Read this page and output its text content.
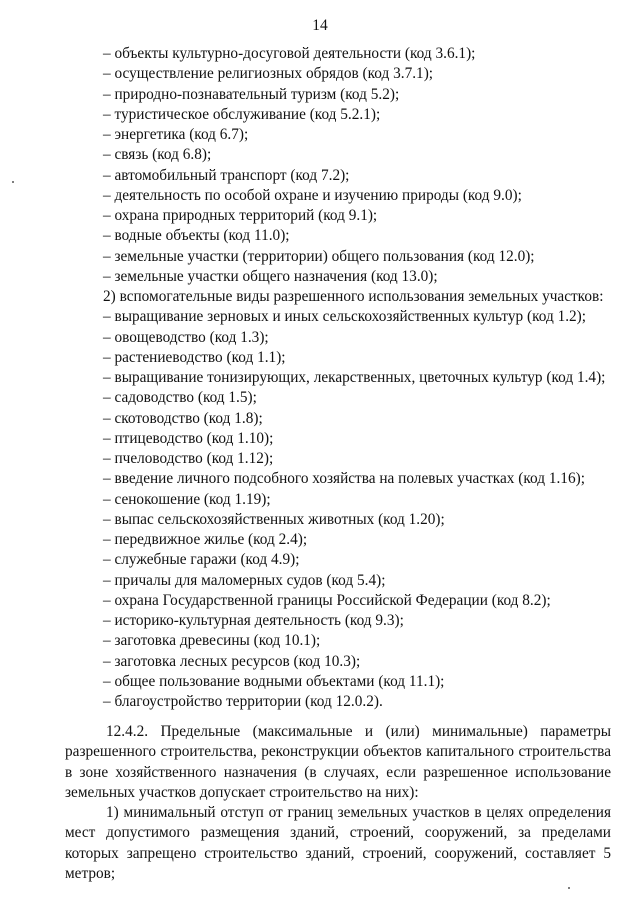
14
– объекты культурно-досуговой деятельности (код 3.6.1);
– осуществление религиозных обрядов (код 3.7.1);
– природно-познавательный туризм (код 5.2);
– туристическое обслуживание (код 5.2.1);
– энергетика (код 6.7);
– связь (код 6.8);
– автомобильный транспорт (код 7.2);
– деятельность по особой охране и изучению природы (код 9.0);
– охрана природных территорий (код 9.1);
– водные объекты (код 11.0);
– земельные участки (территории) общего пользования (код 12.0);
– земельные участки общего назначения (код 13.0);
2) вспомогательные виды разрешенного использования земельных участков:
– выращивание зерновых и иных сельскохозяйственных культур (код 1.2);
– овощеводство (код 1.3);
– растениеводство (код 1.1);
– выращивание тонизирующих, лекарственных, цветочных культур (код 1.4);
– садоводство (код 1.5);
– скотоводство (код 1.8);
– птицеводство (код 1.10);
– пчеловодство (код 1.12);
– введение личного подсобного хозяйства на полевых участках (код 1.16);
– сенокошение (код 1.19);
– выпас сельскохозяйственных животных (код 1.20);
– передвижное жилье (код 2.4);
– служебные гаражи (код 4.9);
– причалы для маломерных судов (код 5.4);
– охрана Государственной границы Российской Федерации (код 8.2);
– историко-культурная деятельность (код 9.3);
– заготовка древесины (код 10.1);
– заготовка лесных ресурсов (код 10.3);
– общее пользование водными объектами (код 11.1);
– благоустройство территории (код 12.0.2).

12.4.2. Предельные (максимальные и (или) минимальные) параметры разрешенного строительства, реконструкции объектов капитального строительства в зоне хозяйственного назначения (в случаях, если разрешенное использование земельных участков допускает строительство на них):

1) минимальный отступ от границ земельных участков в целях определения мест допустимого размещения зданий, строений, сооружений, за пределами которых запрещено строительство зданий, строений, сооружений, составляет 5 метров;
